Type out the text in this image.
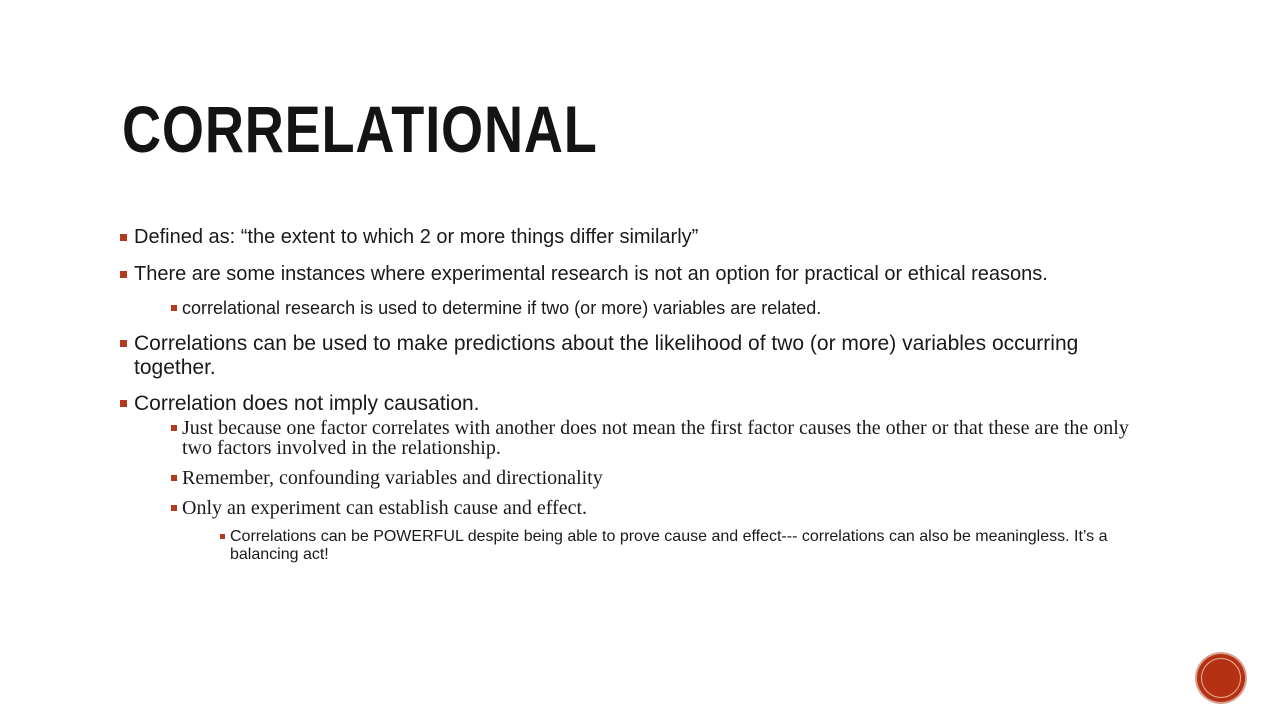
CORRELATIONAL
Defined as: “the extent to which 2 or more things differ similarly”
There are some instances where experimental research is not an option for practical or ethical reasons.
correlational research is used to determine if two (or more) variables are related.
Correlations can be used to make predictions about the likelihood of two (or more) variables occurring together.
Correlation does not imply causation.
Just because one factor correlates with another does not mean the first factor causes the other or that these are the only two factors involved in the relationship.
Remember, confounding variables and directionality
Only an experiment can establish cause and effect.
Correlations can be POWERFUL despite being able to prove cause and effect--- correlations can also be meaningless. It’s a balancing act!
